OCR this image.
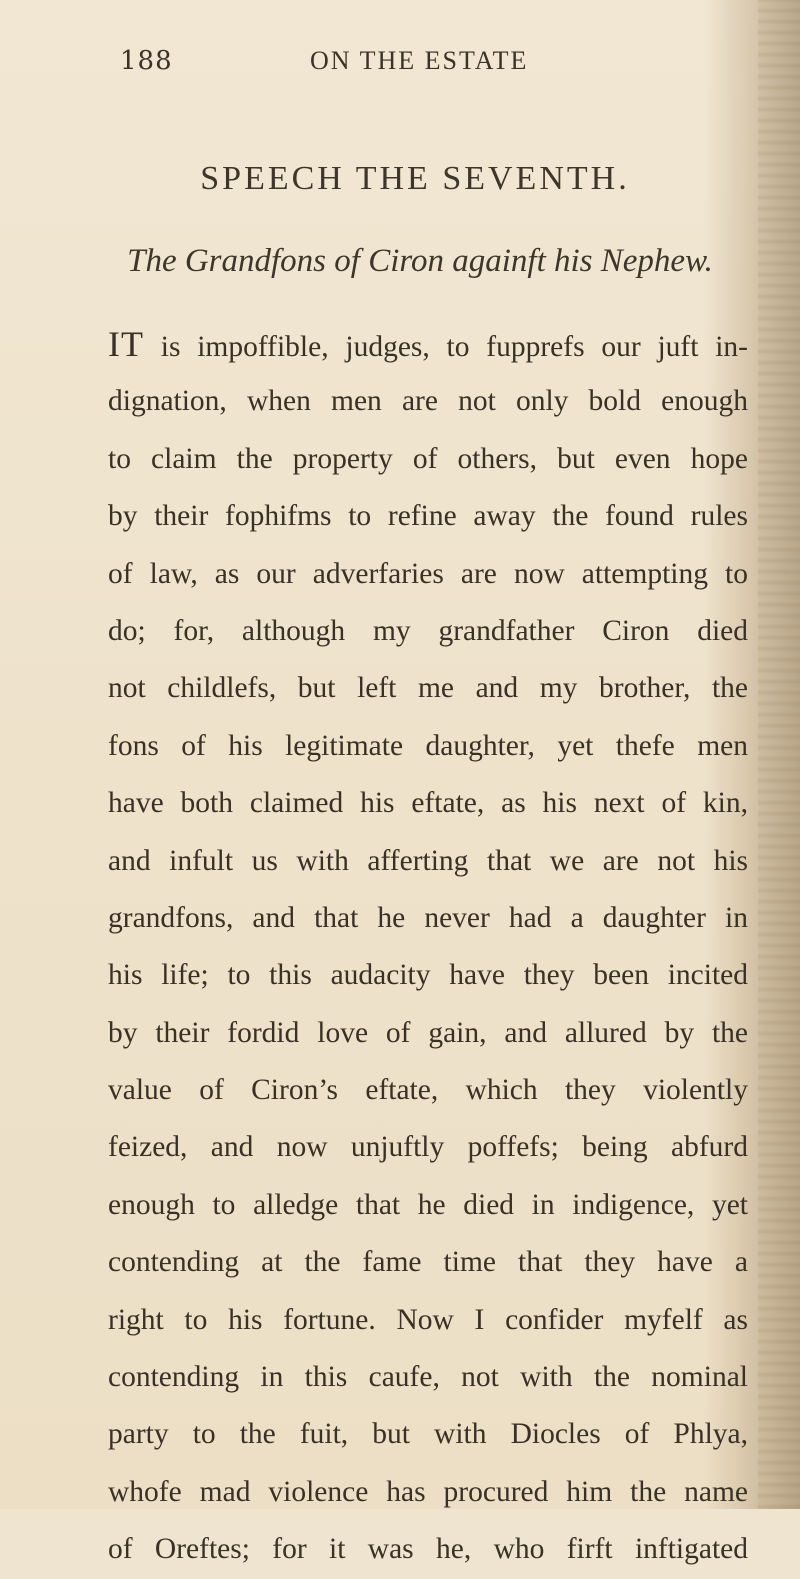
188	ON THE ESTATE
SPEECH THE SEVENTH.
The Grandfons of Ciron againft his Nephew.
IT is impoffible, judges, to fupprefs our juft in-
dignation, when men are not only bold enough
to claim the property of others, but even hope
by their fophifms to refine away the found rules
of law, as our adverfaries are now attempting to
do; for, although my grandfather Ciron died
not childlefs, but left me and my brother, the
fons of his legitimate daughter, yet thefe men
have both claimed his eftate, as his next of kin,
and infult us with afferting that we are not his
grandfons, and that he never had a daughter in
his life; to this audacity have they been incited
by their fordid love of gain, and allured by the
value of Ciron’s eftate, which they violently
feized, and now unjuftly poffefs; being abfurd
enough to alledge that he died in indigence, yet
contending at the fame time that they have a
right to his fortune. Now I confider myfelf as
contending in this caufe, not with the nominal
party to the fuit, but with Diocles of Phlya,
whofe mad violence has procured him the name
of Oreftes; for it was he, who firft inftigated
